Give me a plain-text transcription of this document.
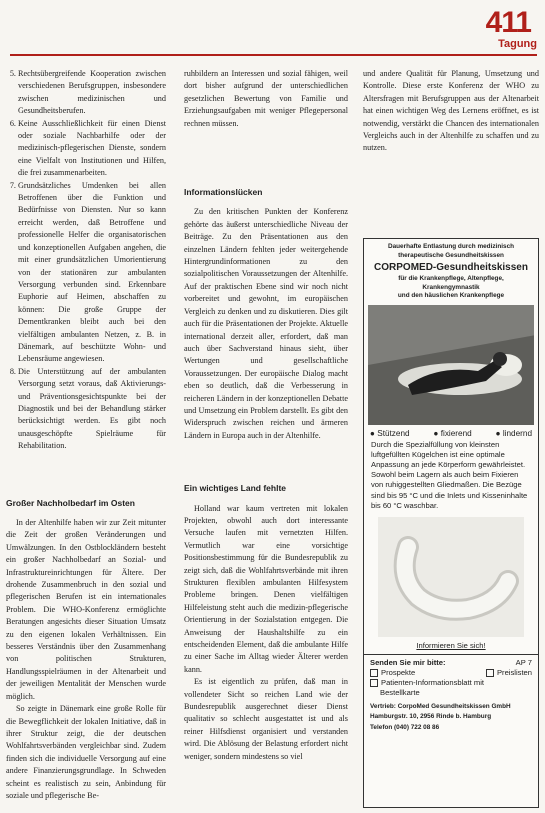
411
Tagung
5. Rechtsübergreifende Kooperation zwischen verschiedenen Berufsgruppen, insbesondere zwischen medizinischen und Gesundheitsberufen.
6. Keine Ausschließlichkeit für einen Dienst oder soziale Nachbarhilfe oder der medizinisch-pflegerischen Dienste, sondern eine Vielfalt von Institutionen und Hilfen, die frei zusammenarbeiten.
7. Grundsätzliches Umdenken bei allen Betroffenen über die Funktion und Bedürfnisse von Diensten. Nur so kann erreicht werden, daß Betroffene und professionelle Helfer die organisatorischen und konzeptionellen Aufgaben angehen, die mit einer grundsätzlichen Umorientierung von der stationären zur ambulanten Versorgung verbunden sind. Erkennbare Euphorie auf Heimen, abschaffen zu können: Die große Gruppe der Dementkranken bleibt auch bei den vielfältigen ambulanten Netzen, z. B. in Dänemark, auf beschützte Wohn- und Lebensräume angewiesen.
8. Die Unterstützung auf der ambulanten Versorgung setzt voraus, daß Aktivierungs- und Präventionsgesichtspunkte bei der Diagnostik und bei der Behandlung stärker berücksichtigt werden. Es gibt noch unausgeschöpfte Spielräume für Rehabilitation.
Großer Nachholbedarf im Osten

In der Altenhilfe haben wir zur Zeit mitunter die Zeit der großen Veränderungen und Umwälzungen. In den Ostblockländern besteht ein großer Nachholbedarf an Sozial- und Infrastruktureinrichtungen für Ältere. Der drohende Zusammenbruch in den sozial und pflegerischen Berufen ist ein internationales Problem. Die WHO-Konferenz ermöglichte Beratungen angesichts dieser Situation Umsatz zu den eigenen lokalen Verhältnissen. Ein besseres Verständnis über den Zusammenhang von politischen Strukturen, Handlungsspielräumen in der Altenarbeit und der jeweiligen Mentalität der Menschen wurde möglich.

So zeigte in Dänemark eine große Rolle für die Bewegflichkeit der lokalen Initiative, daß in ihrer Struktur zeigt, die der deutschen Wohlfahrtsverbänden vergleichbar sind. Zudem finden sich die individuelle Versorgung auf eine andere Finanzierungsgrundlage. In Schweden scheint es realistisch zu sein, Anbindung für soziale und pflegerische Be-

ruhbildern an Interessen und sozial fähigen, weil dort bisher aufgrund der unterschiedlichen gesetzlichen Bewertung von Familie und Erziehungsaufgaben mit weniger Pflegepersonal rechnen müssen.

Informationslücken

Zu den kritischen Punkten der Konferenz gehörte das äußerst unterschiedliche Niveau der Beiträge. Zu den Präsentationen aus den einzelnen Ländern fehlten jeder weitergehende Hintergrundinformationen zu den sozialpolitischen Voraussetzungen der Altenhilfe. Auf der praktischen Ebene sind wir noch nicht vorbereitet und gewohnt, im europäischen Vergleich zu denken und zu diskutieren. Dies gilt auch für die Präsentationen der Projekte. Aktuelle international derzeit aller, erfordert, daß man auch über Sachverstand hinaus sieht, über Wertungen und gesellschaftliche Voraussetzungen. Der europäische Dialog macht eben so deutlich, daß die Verbesserung in reicheren Ländern in der konzeptionellen Debatte und Umsetzung ein Problem darstellt. Es gibt den Widerspruch zwischen reichen und ärmeren Ländern in Europa auch in der Altenhilfe.

Ein wichtiges Land fehlte

Holland war kaum vertreten mit lokalen Projekten, obwohl auch dort interessante Versuche laufen mit vernetzten Hilfen. Vermutlich war eine vorsichtige Positionsbestimmung für die Bundesrepublik zu zeigt sich, daß die Wohlfahrtsverbände mit ihren Strukturen flexiblen ambulanten Hilfesystem Probleme bringen. Denen vielfältigen Hilfeleistung steht auch die medizin-pflegerische Orientierung in der Sozialstation entgegen. Die Anweisung der Haushaltshilfe zu ein entscheidenden Element, daß die ambulante Hilfe zu einer Sache im Alltag wieder Älterer werden kann.

Es ist eigentlich zu prüfen, daß man in vollendeter Sicht so reichen Land wie der Bundesrepublik ausgerechnet dieser Dienst qualitativ so schlecht ausgestattet ist und als reiner Hilfsdienst organisiert und verstanden wird. Die Ablösung der Belastung erfordert nicht weniger, sondern mindestens so viel

und andere Qualität für Planung, Umsetzung und Kontrolle. Diese erste Konferenz der WHO zu Altersfragen mit Berufsgruppen aus der Altenarbeit hat einen wichtigen Weg des Lernens eröffnet, es ist notwendig, verstärkt die Chancen des internationalen Vergleichs auch in der Altenhilfe zu schaffen und zu nutzen.

Dauerhafte Entlastung durch medizinisch therapeutische Gesundheitskissen
CORPOMED-Gesundheitskissen
für die Krankenpflege, Altenpflege,
Krankengymnastik
und den häuslichen Krankenpflege
● Stützend	● fixierend	● lindernd
Durch die Spezialfüllung von kleinsten luftgefüllten Kügelchen ist eine optimale Anpassung an jede Körperform gewährleistet. Sowohl beim Lagern als auch beim Fixieren von ruhiggestellten Gliedmaßen. Die Bezüge sind bis 95 °C und die Inlets und Kisseninhalte bis 60 °C waschbar.
Informieren Sie sich!
Senden Sie mir bitte:	AP 7
Prospekte	Preislisten
Patienten-Informationsblatt mit
Bestellkarte
Vertrieb: CorpoMed Gesundheitskissen GmbH
Hamburgstr. 10, 2956 Rinde b. Hamburg
Telefon (040) 722 08 86
